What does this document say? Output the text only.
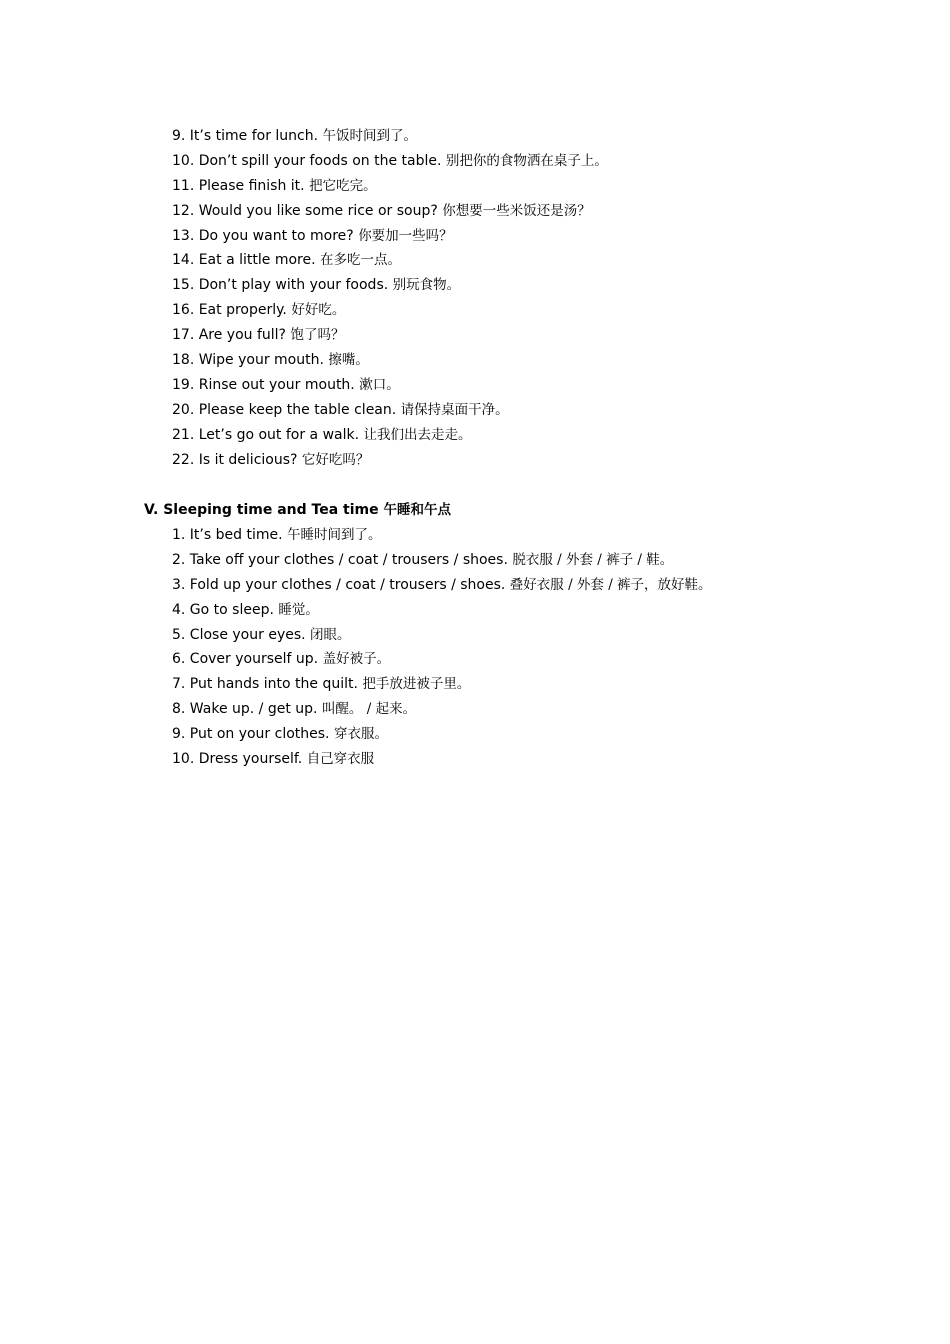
9. It’s time for lunch. 午饭时间到了。
10. Don’t spill your foods on the table. 别把你的食物洒在桌子上。
11. Please finish it. 把它吃完。
12. Would you like some rice or soup? 你想要一些米饭还是汤？
13. Do you want to more? 你要加一些吗？
14. Eat a little more. 在多吃一点。
15. Don’t play with your foods. 别玩食物。
16. Eat properly. 好好吃。
17. Are you full? 饱了吗？
18. Wipe your mouth. 擦嘴。
19. Rinse out your mouth. 漱口。
20. Please keep the table clean. 请保持桌面干净。
21. Let’s go out for a walk. 让我们出去走走。
22. Is it delicious? 它好吃吗？
V. Sleeping time and Tea time 午睡和午点
1. It’s bed time. 午睡时间到了。
2. Take off your clothes / coat / trousers / shoes. 脱衣服 / 外套 / 裤子 / 鞋。
3. Fold up your clothes / coat / trousers / shoes. 叠好衣服 / 外套 / 裤子，放好鞋。
4. Go to sleep. 睡觉。
5. Close your eyes. 闭眼。
6. Cover yourself up. 盖好被子。
7. Put hands into the quilt. 把手放进被子里。
8. Wake up. / get up. 叫醒。 / 起来。
9. Put on your clothes. 穿衣服。
10. Dress yourself. 自己穿衣服
